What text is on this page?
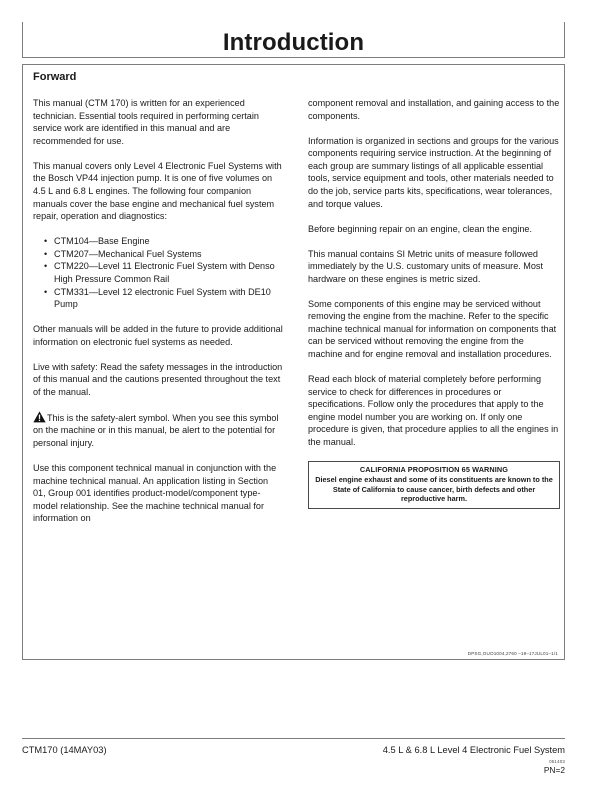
Introduction
Forward

This manual (CTM 170) is written for an experienced technician. Essential tools required in performing certain service work are identified in this manual and are recommended for use.

This manual covers only Level 4 Electronic Fuel Systems with the Bosch VP44 injection pump. It is one of five volumes on 4.5 L and 6.8 L engines. The following four companion manuals cover the base engine and mechanical fuel system repair, operation and diagnostics:

• CTM104—Base Engine
• CTM207—Mechanical Fuel Systems
• CTM220—Level 11 Electronic Fuel System with Denso High Pressure Common Rail
• CTM331—Level 12 electronic Fuel System with DE10 Pump

Other manuals will be added in the future to provide additional information on electronic fuel systems as needed.

Live with safety: Read the safety messages in the introduction of this manual and the cautions presented throughout the text of the manual.

This is the safety-alert symbol. When you see this symbol on the machine or in this manual, be alert to the potential for personal injury.

Use this component technical manual in conjunction with the machine technical manual. An application listing in Section 01, Group 001 identifies product-model/component type-model relationship. See the machine technical manual for information on

component removal and installation, and gaining access to the components.

Information is organized in sections and groups for the various components requiring service instruction. At the beginning of each group are summary listings of all applicable essential tools, service equipment and tools, other materials needed to do the job, service parts kits, specifications, wear tolerances, and torque values.

Before beginning repair on an engine, clean the engine.

This manual contains SI Metric units of measure followed immediately by the U.S. customary units of measure. Most hardware on these engines is metric sized.

Some components of this engine may be serviced without removing the engine from the machine. Refer to the specific machine technical manual for information on components that can be serviced without removing the engine from the machine and for engine removal and installation procedures.

Read each block of material completely before performing service to check for differences in procedures or specifications. Follow only the procedures that apply to the engine model number you are working on. If only one procedure is given, that procedure applies to all the engines in the manual.

CALIFORNIA PROPOSITION 65 WARNING

Diesel engine exhaust and some of its constituents are known to the State of California to cause cancer, birth defects and other reproductive harm.

DPSG,OUO1004,2760 –19–17JUL01–1/1
CTM170 (14MAY03)	4.5 L & 6.8 L Level 4 Electronic Fuel System
051403
PN=2
